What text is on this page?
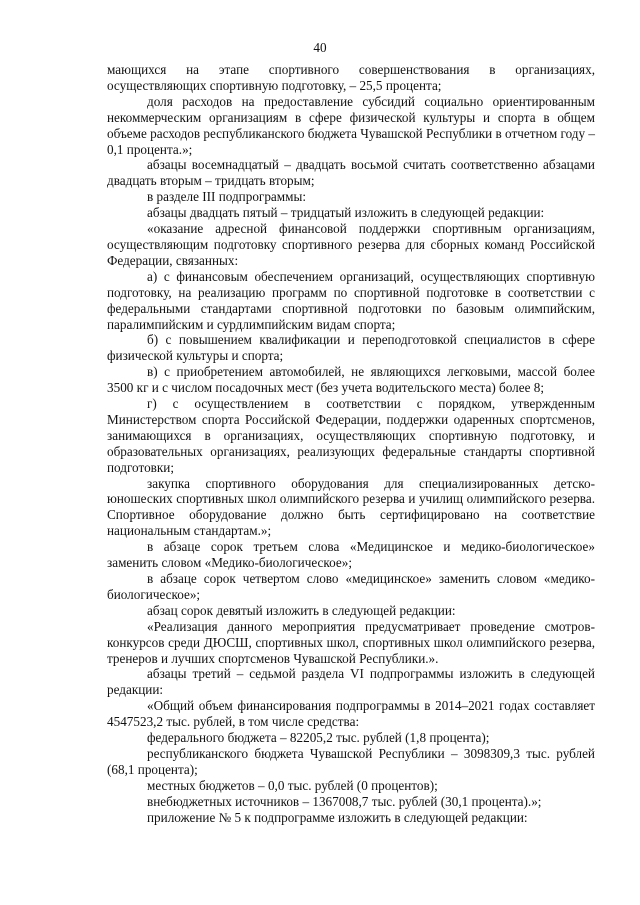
40

мающихся на этапе спортивного совершенствования в организациях, осуществляющих спортивную подготовку, – 25,5 процента;

доля расходов на предоставление субсидий социально ориентированным некоммерческим организациям в сфере физической культуры и спорта в общем объеме расходов республиканского бюджета Чувашской Республики в отчетном году – 0,1 процента.»;

абзацы восемнадцатый – двадцать восьмой считать соответственно абзацами двадцать вторым – тридцать вторым;

в разделе III подпрограммы:

абзацы двадцать пятый – тридцатый изложить в следующей редакции:

«оказание адресной финансовой поддержки спортивным организациям, осуществляющим подготовку спортивного резерва для сборных команд Российской Федерации, связанных:

а) с финансовым обеспечением организаций, осуществляющих спортивную подготовку, на реализацию программ по спортивной подготовке в соответствии с федеральными стандартами спортивной подготовки по базовым олимпийским, паралимпийским и сурдлимпийским видам спорта;

б) с повышением квалификации и переподготовкой специалистов в сфере физической культуры и спорта;

в) с приобретением автомобилей, не являющихся легковыми, массой более 3500 кг и с числом посадочных мест (без учета водительского места) более 8;

г) с осуществлением в соответствии с порядком, утвержденным Министерством спорта Российской Федерации, поддержки одаренных спортсменов, занимающихся в организациях, осуществляющих спортивную подготовку, и образовательных организациях, реализующих федеральные стандарты спортивной подготовки;

закупка спортивного оборудования для специализированных детско-юношеских спортивных школ олимпийского резерва и училищ олимпийского резерва. Спортивное оборудование должно быть сертифицировано на соответствие национальным стандартам.»;

в абзаце сорок третьем слова «Медицинское и медико-биологическое» заменить словом «Медико-биологическое»;

в абзаце сорок четвертом слово «медицинское» заменить словом «медико-биологическое»;

абзац сорок девятый изложить в следующей редакции:

«Реализация данного мероприятия предусматривает проведение смотров-конкурсов среди ДЮСШ, спортивных школ, спортивных школ олимпийского резерва, тренеров и лучших спортсменов Чувашской Республики.».

абзацы третий – седьмой раздела VI подпрограммы изложить в следующей редакции:

«Общий объем финансирования подпрограммы в 2014–2021 годах составляет 4547523,2 тыс. рублей, в том числе средства:

федерального бюджета – 82205,2 тыс. рублей (1,8 процента);

республиканского бюджета Чувашской Республики – 3098309,3 тыс. рублей (68,1 процента);

местных бюджетов – 0,0 тыс. рублей (0 процентов);

внебюджетных источников – 1367008,7 тыс. рублей (30,1 процента).»;

приложение № 5 к подпрограмме изложить в следующей редакции:
